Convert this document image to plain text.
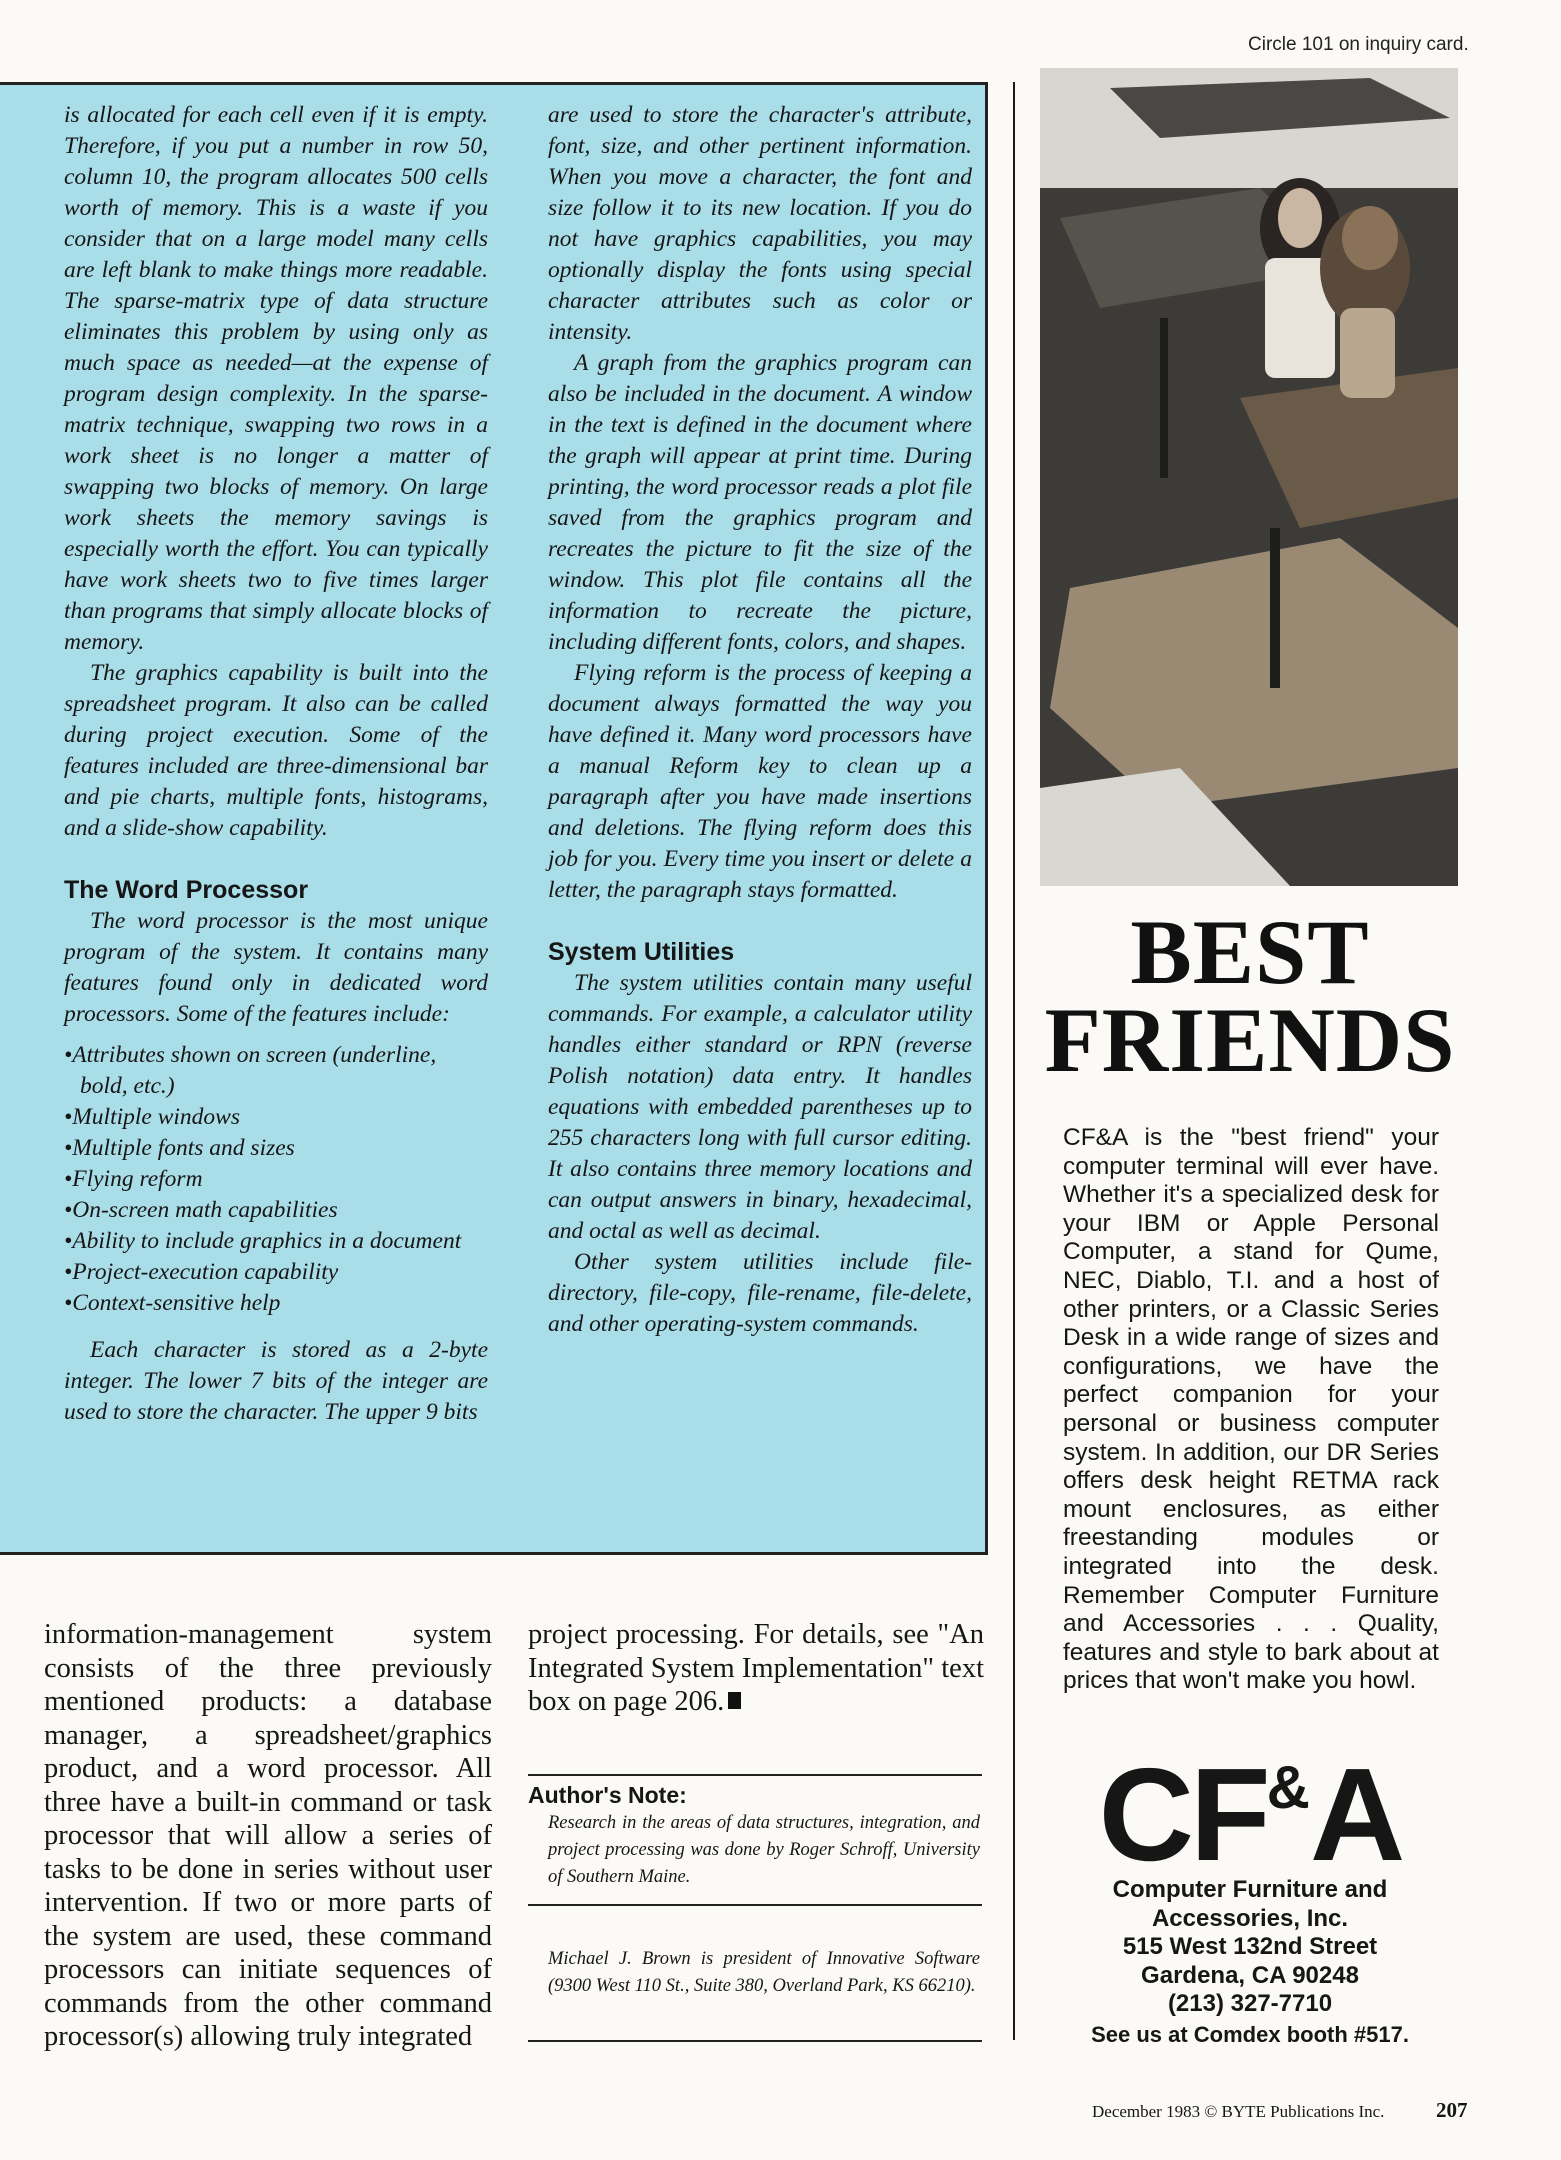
Circle 101 on inquiry card.

is allocated for each cell even if it is empty. Therefore, if you put a number in row 50, column 10, the program allocates 500 cells worth of memory. This is a waste if you consider that on a large model many cells are left blank to make things more readable. The sparse-matrix type of data structure eliminates this problem by using only as much space as needed—at the expense of program design complexity. In the sparse-matrix technique, swapping two rows in a work sheet is no longer a matter of swapping two blocks of memory. On large work sheets the memory savings is especially worth the effort. You can typically have work sheets two to five times larger than programs that simply allocate blocks of memory.

The graphics capability is built into the spreadsheet program. It also can be called during project execution. Some of the features included are three-dimensional bar and pie charts, multiple fonts, histograms, and a slide-show capability.

The Word Processor

The word processor is the most unique program of the system. It contains many features found only in dedicated word processors. Some of the features include:

•Attributes shown on screen (underline, bold, etc.)
•Multiple windows
•Multiple fonts and sizes
•Flying reform
•On-screen math capabilities
•Ability to include graphics in a document
•Project-execution capability
•Context-sensitive help

Each character is stored as a 2-byte integer. The lower 7 bits of the integer are used to store the character. The upper 9 bits

are used to store the character's attribute, font, size, and other pertinent information. When you move a character, the font and size follow it to its new location. If you do not have graphics capabilities, you may optionally display the fonts using special character attributes such as color or intensity.

A graph from the graphics program can also be included in the document. A window in the text is defined in the document where the graph will appear at print time. During printing, the word processor reads a plot file saved from the graphics program and recreates the picture to fit the size of the window. This plot file contains all the information to recreate the picture, including different fonts, colors, and shapes.

Flying reform is the process of keeping a document always formatted the way you have defined it. Many word processors have a manual Reform key to clean up a paragraph after you have made insertions and deletions. The flying reform does this job for you. Every time you insert or delete a letter, the paragraph stays formatted.

System Utilities

The system utilities contain many useful commands. For example, a calculator utility handles either standard or RPN (reverse Polish notation) data entry. It handles equations with embedded parentheses up to 255 characters long with full cursor editing. It also contains three memory locations and can output answers in binary, hexadecimal, and octal as well as decimal.

Other system utilities include file-directory, file-copy, file-rename, file-delete, and other operating-system commands.

BEST
FRIENDS
CF&A is the "best friend" your computer terminal will ever have. Whether it's a specialized desk for your IBM or Apple Personal Computer, a stand for Qume, NEC, Diablo, T.I. and a host of other printers, or a Classic Series Desk in a wide range of sizes and configurations, we have the perfect companion for your personal or business computer system. In addition, our DR Series offers desk height RETMA rack mount enclosures, as either freestanding modules or integrated into the desk. Remember Computer Furniture and Accessories . . . Quality, features and style to bark about at prices that won't make you howl.
CF&A
Computer Furniture and
Accessories, Inc.
515 West 132nd Street
Gardena, CA 90248
(213) 327-7710
See us at Comdex booth #517.
information-management system consists of the three previously mentioned products: a database manager, a spreadsheet/graphics product, and a word processor. All three have a built-in command or task processor that will allow a series of tasks to be done in series without user intervention. If two or more parts of the system are used, these command processors can initiate sequences of commands from the other command processor(s) allowing truly integrated
project processing. For details, see "An Integrated System Implementation" text box on page 206.
Author's Note:
Research in the areas of data structures, integration, and project processing was done by Roger Schroff, University of Southern Maine.
Michael J. Brown is president of Innovative Software (9300 West 110 St., Suite 380, Overland Park, KS 66210).
December 1983 © BYTE Publications Inc. 207
